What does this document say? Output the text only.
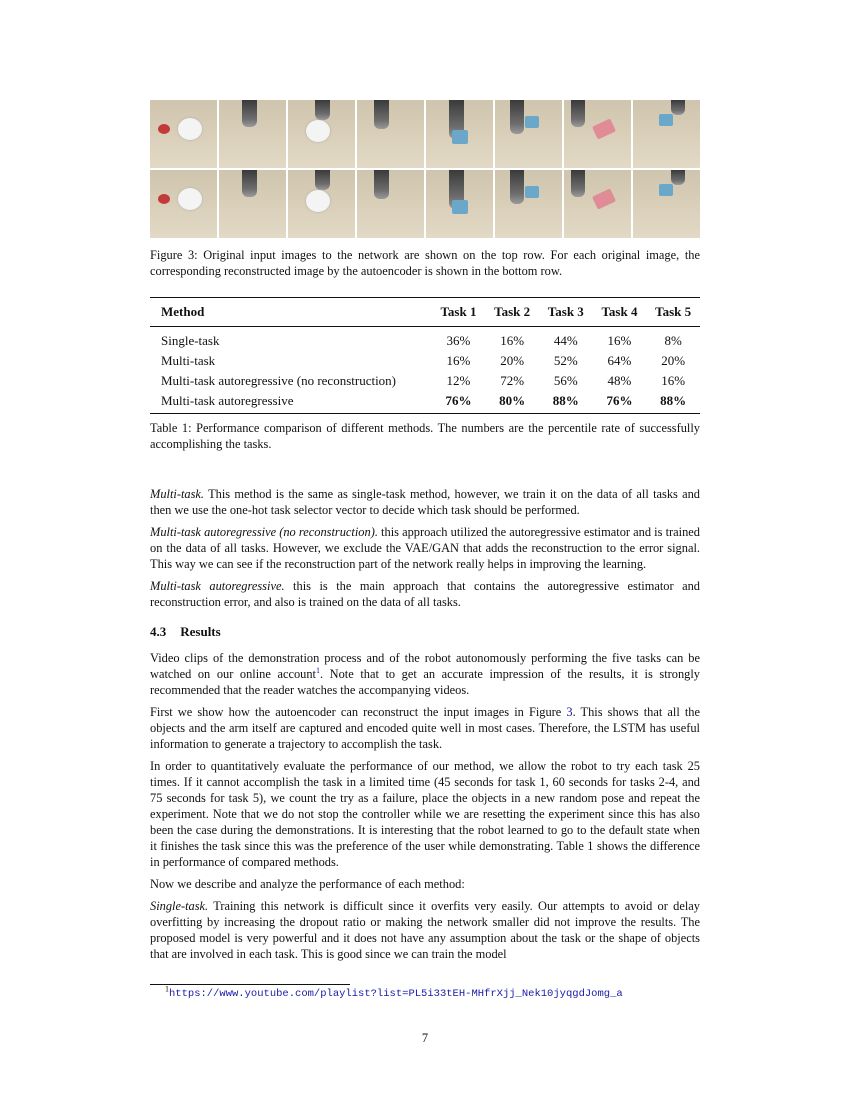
Figure 3: Original input images to the network are shown on the top row. For each original image, the corresponding reconstructed image by the autoencoder is shown in the bottom row.
Method	Task 1	Task 2	Task 3	Task 4	Task 5
Single-task	36%	16%	44%	16%	8%
Multi-task	16%	20%	52%	64%	20%
Multi-task autoregressive (no reconstruction)	12%	72%	56%	48%	16%
Multi-task autoregressive	76%	80%	88%	76%	88%
Table 1: Performance comparison of different methods. The numbers are the percentile rate of successfully accomplishing the tasks.

Multi-task. This method is the same as single-task method, however, we train it on the data of all tasks and then we use the one-hot task selector vector to decide which task should be performed.

Multi-task autoregressive (no reconstruction). this approach utilized the autoregressive estimator and is trained on the data of all tasks. However, we exclude the VAE/GAN that adds the reconstruction to the error signal. This way we can see if the reconstruction part of the network really helps in improving the learning.

Multi-task autoregressive. this is the main approach that contains the autoregressive estimator and reconstruction error, and also is trained on the data of all tasks.

4.3 Results

Video clips of the demonstration process and of the robot autonomously performing the five tasks can be watched on our online account$^1$. Note that to get an accurate impression of the results, it is strongly recommended that the reader watches the accompanying videos.

First we show how the autoencoder can reconstruct the input images in Figure 3. This shows that all the objects and the arm itself are captured and encoded quite well in most cases. Therefore, the LSTM has useful information to generate a trajectory to accomplish the task.

In order to quantitatively evaluate the performance of our method, we allow the robot to try each task 25 times. If it cannot accomplish the task in a limited time (45 seconds for task 1, 60 seconds for tasks 2-4, and 75 seconds for task 5), we count the try as a failure, place the objects in a new random pose and repeat the experiment. Note that we do not stop the controller while we are resetting the experiment since this has also been the case during the demonstrations. It is interesting that the robot learned to go to the default state when it finishes the task since this was the preference of the user while demonstrating. Table 1 shows the difference in performance of compared methods.

Now we describe and analyze the performance of each method:

Single-task. Training this network is difficult since it overfits very easily. Our attempts to avoid or delay overfitting by increasing the dropout ratio or making the network smaller did not improve the results. The proposed model is very powerful and it does not have any assumption about the task or the shape of objects that are involved in each task. This is good since we can train the model

$^1$https://www.youtube.com/playlist?list=PL5i33tEH-MHfrXjj_Nek10jyqgdJomg_a
7
